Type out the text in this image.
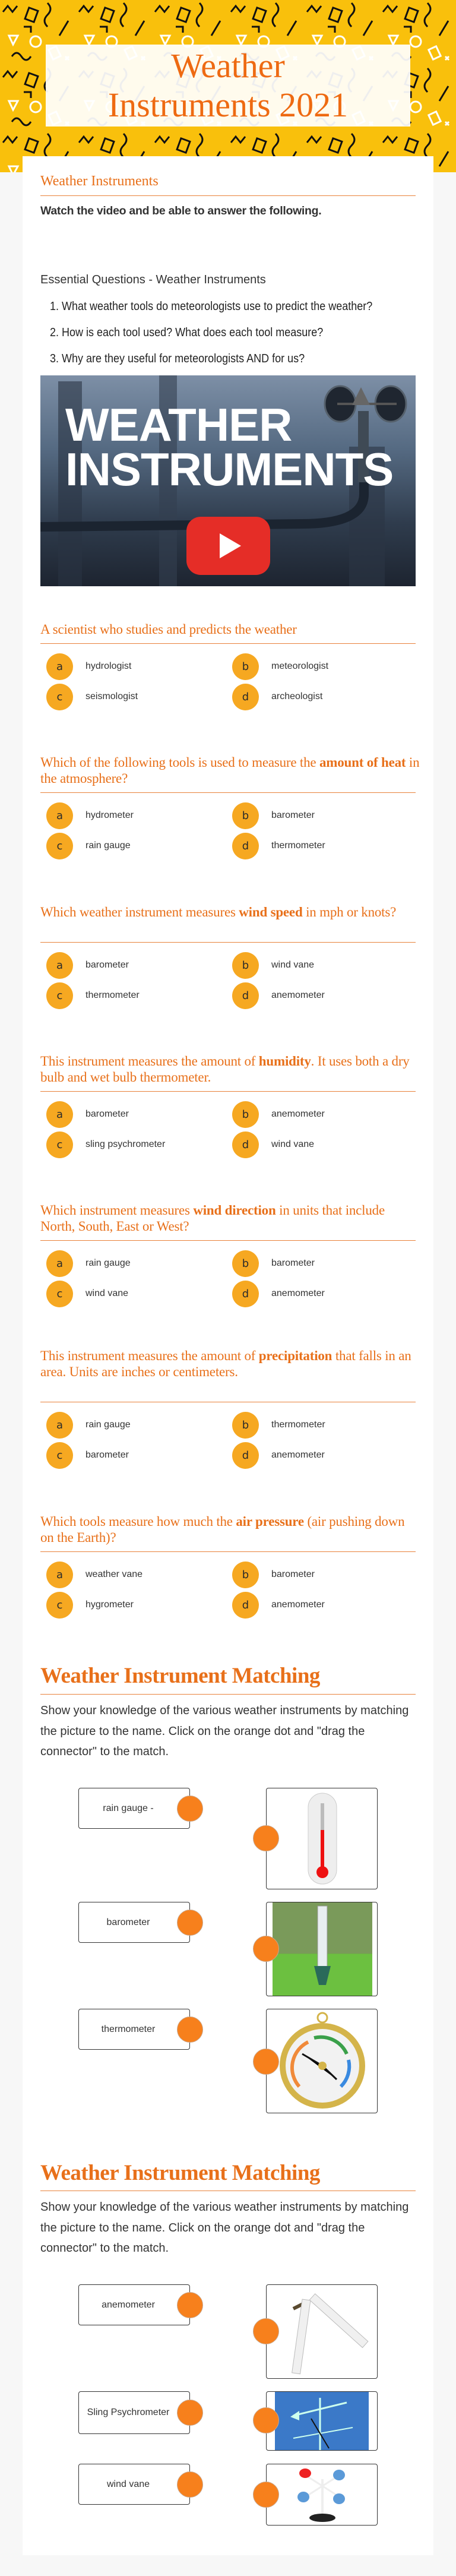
Weather
Instruments 2021
Weather Instruments
Watch the video and be able to answer the following.
Essential Questions - Weather Instruments
1. What weather tools do meteorologists use to predict the weather?
2. How is each tool used? What does each tool measure?
3. Why are they useful for meteorologists AND for us?
WEATHER
INSTRUMENTS
A scientist who studies and predicts the weather
a	hydrologist	b	meteorologist
c	seismologist	d	archeologist
Which of the following tools is used to measure the amount of heat in the atmosphere?
a	hydrometer	b	barometer
c	rain gauge	d	thermometer
Which weather instrument measures wind speed in mph or knots?
a	barometer	b	wind vane
c	thermometer	d	anemometer
This instrument measures the amount of humidity. It uses both a dry bulb and wet bulb thermometer.
a	barometer	b	anemometer
c	sling psychrometer	d	wind vane
Which instrument measures wind direction in units that include North, South, East or West?
a	rain gauge	b	barometer
c	wind vane	d	anemometer
This instrument measures the amount of precipitation that falls in an area. Units are inches or centimeters.
a	rain gauge	b	thermometer
c	barometer	d	anemometer
Which tools measure how much the air pressure (air pushing down on the Earth)?
a	weather vane	b	barometer
c	hygrometer	d	anemometer
Weather Instrument Matching
Show your knowledge of the various weather instruments by matching the picture to the name. Click on the orange dot and "drag the connector" to the match.
rain gauge -
barometer
thermometer
Weather Instrument Matching
Show your knowledge of the various weather instruments by matching the picture to the name. Click on the orange dot and "drag the connector" to the match.
anemometer
Sling Psychrometer
wind vane
